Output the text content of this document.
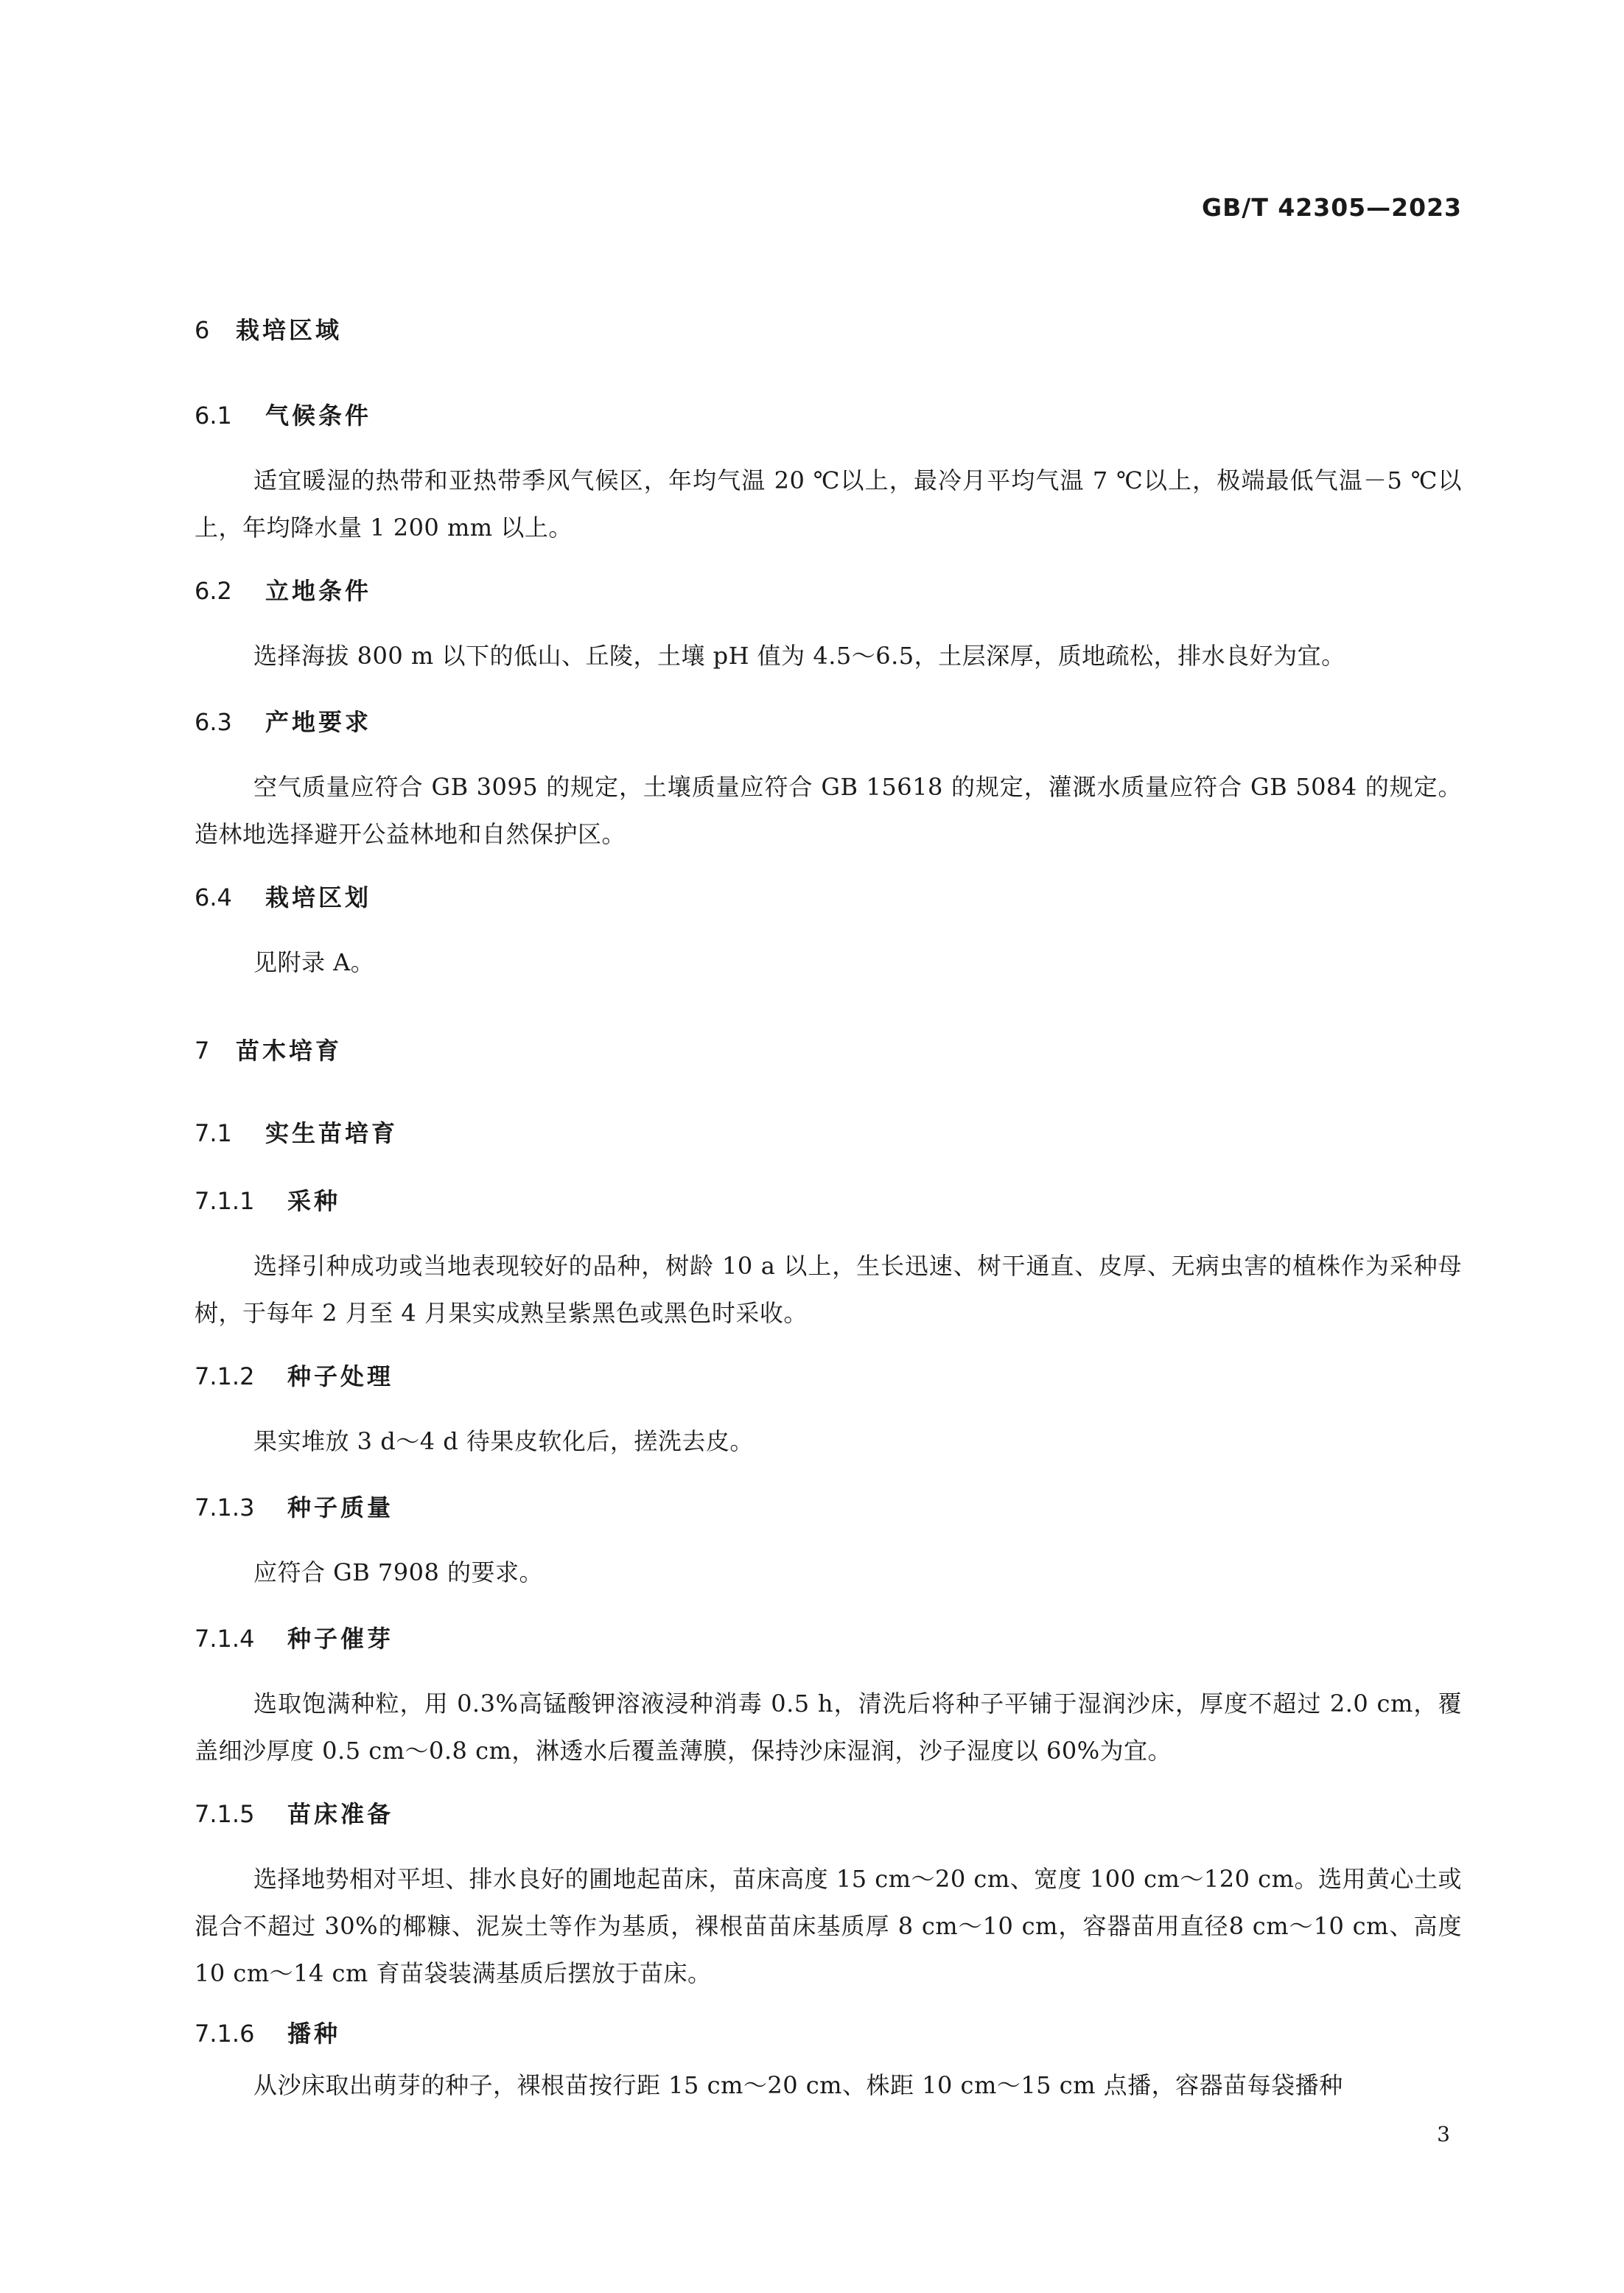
GB/T 42305—2023
6 栽培区域
6.1 气候条件
适宜暖湿的热带和亚热带季风气候区，年均气温 20 ℃以上，最冷月平均气温 7 ℃以上，极端最低气温－5 ℃以上，年均降水量 1 200 mm 以上。
6.2 立地条件
选择海拔 800 m 以下的低山、丘陵，土壤 pH 值为 4.5～6.5，土层深厚，质地疏松，排水良好为宜。
6.3 产地要求
空气质量应符合 GB 3095 的规定，土壤质量应符合 GB 15618 的规定，灌溉水质量应符合 GB 5084 的规定。造林地选择避开公益林地和自然保护区。
6.4 栽培区划
见附录 A。
7 苗木培育
7.1 实生苗培育
7.1.1 采种
选择引种成功或当地表现较好的品种，树龄 10 a 以上，生长迅速、树干通直、皮厚、无病虫害的植株作为采种母树，于每年 2 月至 4 月果实成熟呈紫黑色或黑色时采收。
7.1.2 种子处理
果实堆放 3 d～4 d 待果皮软化后，搓洗去皮。
7.1.3 种子质量
应符合 GB 7908 的要求。
7.1.4 种子催芽
选取饱满种粒，用 0.3%高锰酸钾溶液浸种消毒 0.5 h，清洗后将种子平铺于湿润沙床，厚度不超过 2.0 cm，覆盖细沙厚度 0.5 cm～0.8 cm，淋透水后覆盖薄膜，保持沙床湿润，沙子湿度以 60%为宜。
7.1.5 苗床准备
选择地势相对平坦、排水良好的圃地起苗床，苗床高度 15 cm～20 cm、宽度 100 cm～120 cm。选用黄心土或混合不超过 30%的椰糠、泥炭土等作为基质，裸根苗苗床基质厚 8 cm～10 cm，容器苗用直径8 cm～10 cm、高度 10 cm～14 cm 育苗袋装满基质后摆放于苗床。
7.1.6 播种
从沙床取出萌芽的种子，裸根苗按行距 15 cm～20 cm、株距 10 cm～15 cm 点播，容器苗每袋播种
3
